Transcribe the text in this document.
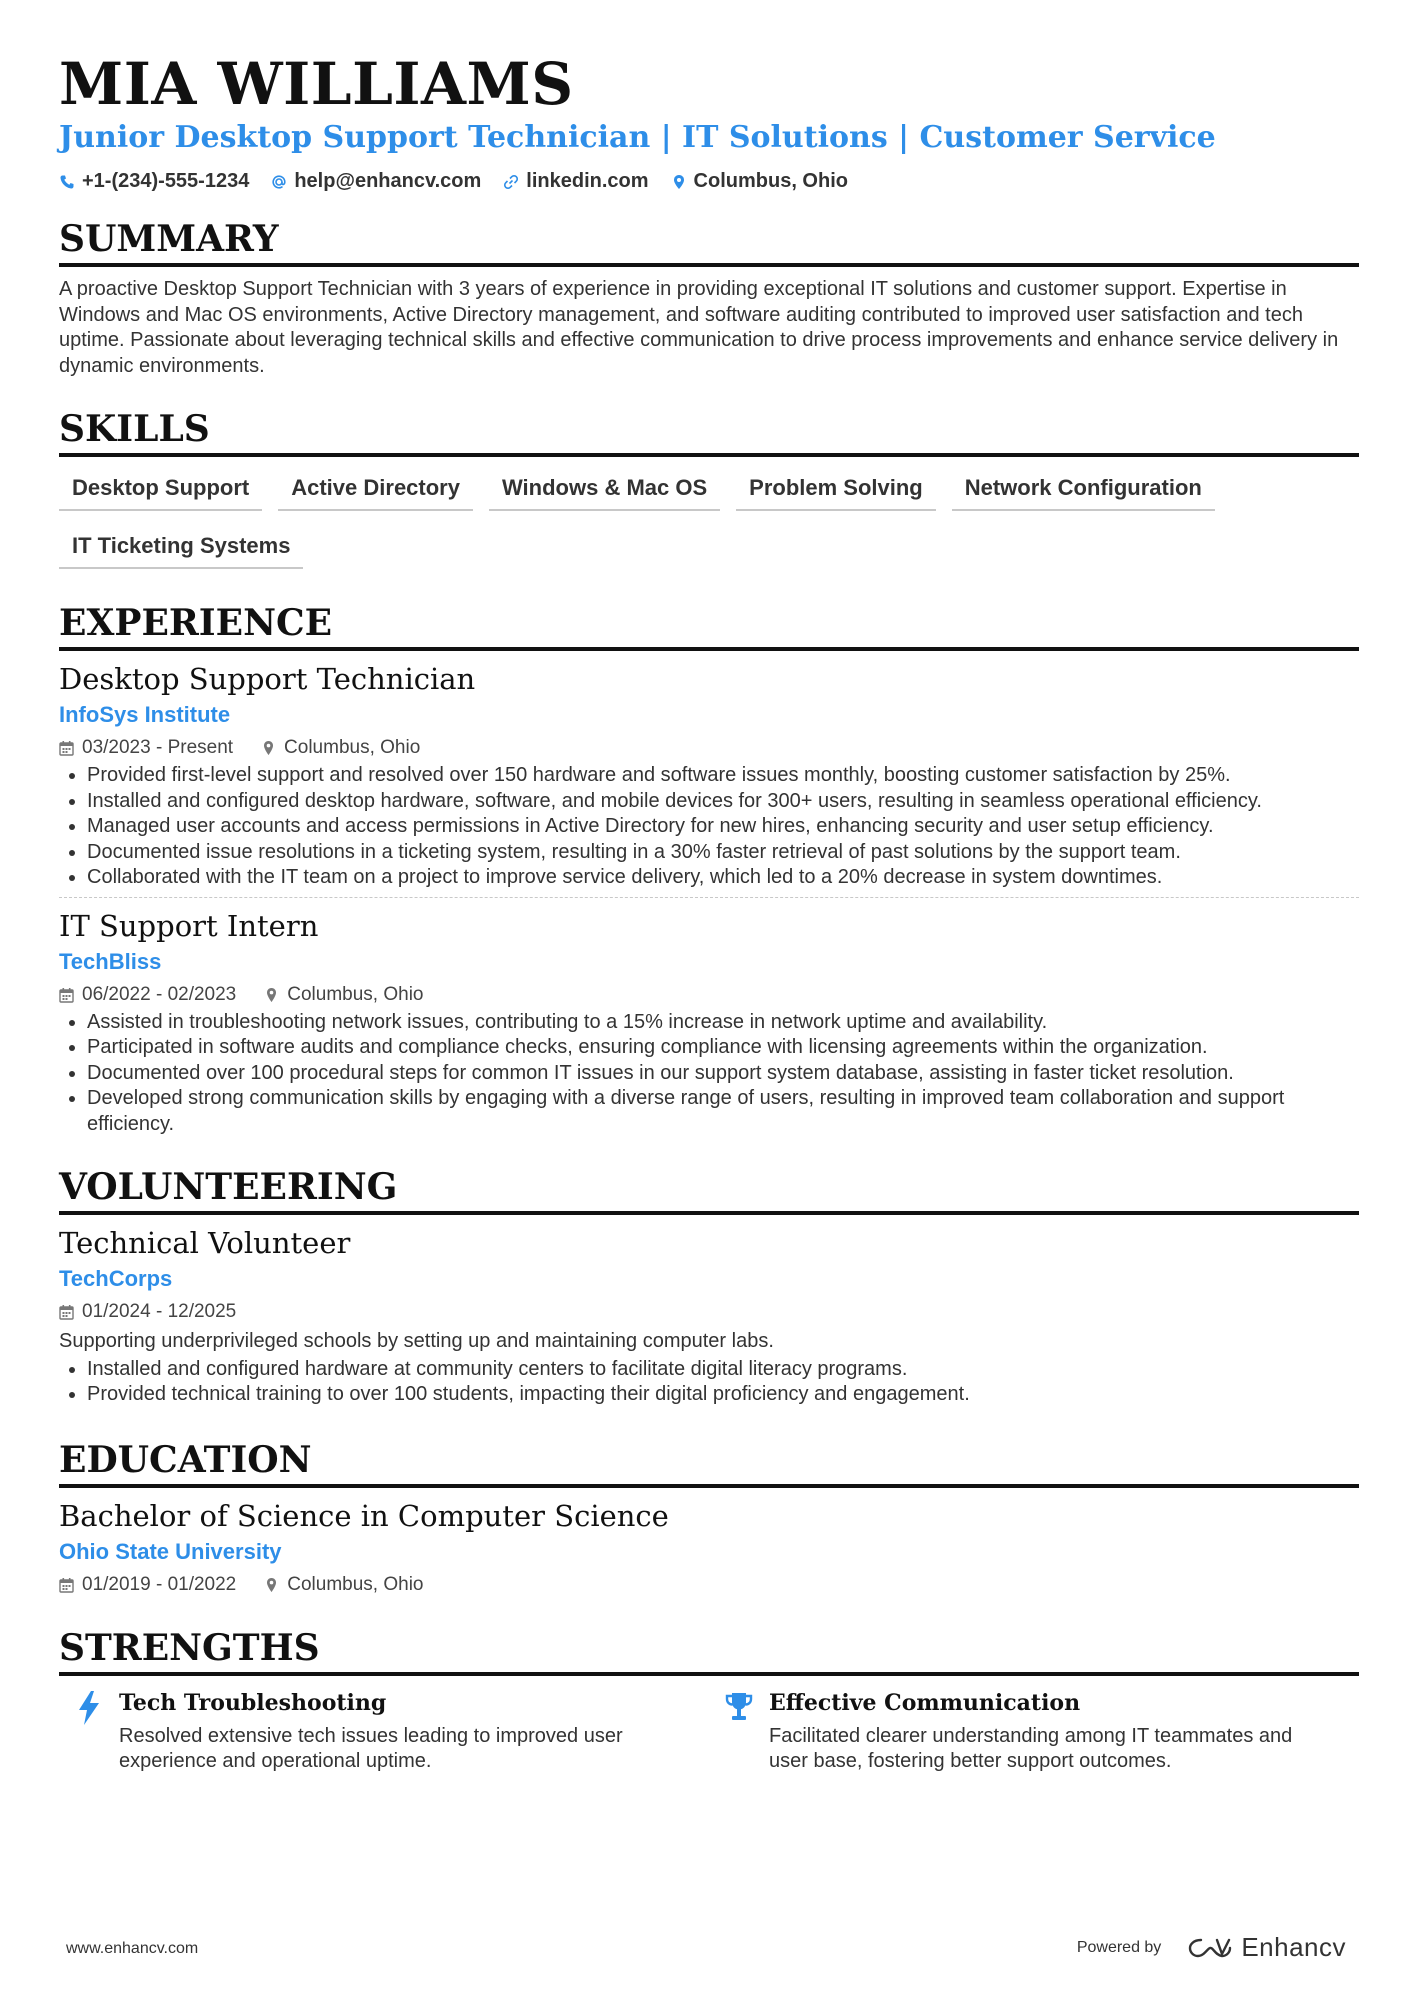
MIA WILLIAMS
Junior Desktop Support Technician | IT Solutions | Customer Service
+1-(234)-555-1234 help@enhancv.com linkedin.com Columbus, Ohio
SUMMARY
A proactive Desktop Support Technician with 3 years of experience in providing exceptional IT solutions and customer support. Expertise in Windows and Mac OS environments, Active Directory management, and software auditing contributed to improved user satisfaction and tech uptime. Passionate about leveraging technical skills and effective communication to drive process improvements and enhance service delivery in dynamic environments.
SKILLS
Desktop Support	Active Directory	Windows & Mac OS	Problem Solving	Network Configuration
IT Ticketing Systems
EXPERIENCE
Desktop Support Technician
InfoSys Institute
03/2023 - Present	Columbus, Ohio
• Provided first-level support and resolved over 150 hardware and software issues monthly, boosting customer satisfaction by 25%.
• Installed and configured desktop hardware, software, and mobile devices for 300+ users, resulting in seamless operational efficiency.
• Managed user accounts and access permissions in Active Directory for new hires, enhancing security and user setup efficiency.
• Documented issue resolutions in a ticketing system, resulting in a 30% faster retrieval of past solutions by the support team.
• Collaborated with the IT team on a project to improve service delivery, which led to a 20% decrease in system downtimes.
IT Support Intern
TechBliss
06/2022 - 02/2023	Columbus, Ohio
• Assisted in troubleshooting network issues, contributing to a 15% increase in network uptime and availability.
• Participated in software audits and compliance checks, ensuring compliance with licensing agreements within the organization.
• Documented over 100 procedural steps for common IT issues in our support system database, assisting in faster ticket resolution.
• Developed strong communication skills by engaging with a diverse range of users, resulting in improved team collaboration and support efficiency.
VOLUNTEERING
Technical Volunteer
TechCorps
01/2024 - 12/2025
Supporting underprivileged schools by setting up and maintaining computer labs.
• Installed and configured hardware at community centers to facilitate digital literacy programs.
• Provided technical training to over 100 students, impacting their digital proficiency and engagement.
EDUCATION
Bachelor of Science in Computer Science
Ohio State University
01/2019 - 01/2022	Columbus, Ohio
STRENGTHS
Tech Troubleshooting
Resolved extensive tech issues leading to improved user experience and operational uptime.
Effective Communication
Facilitated clearer understanding among IT teammates and user base, fostering better support outcomes.
www.enhancv.com	Powered by	Enhancv
